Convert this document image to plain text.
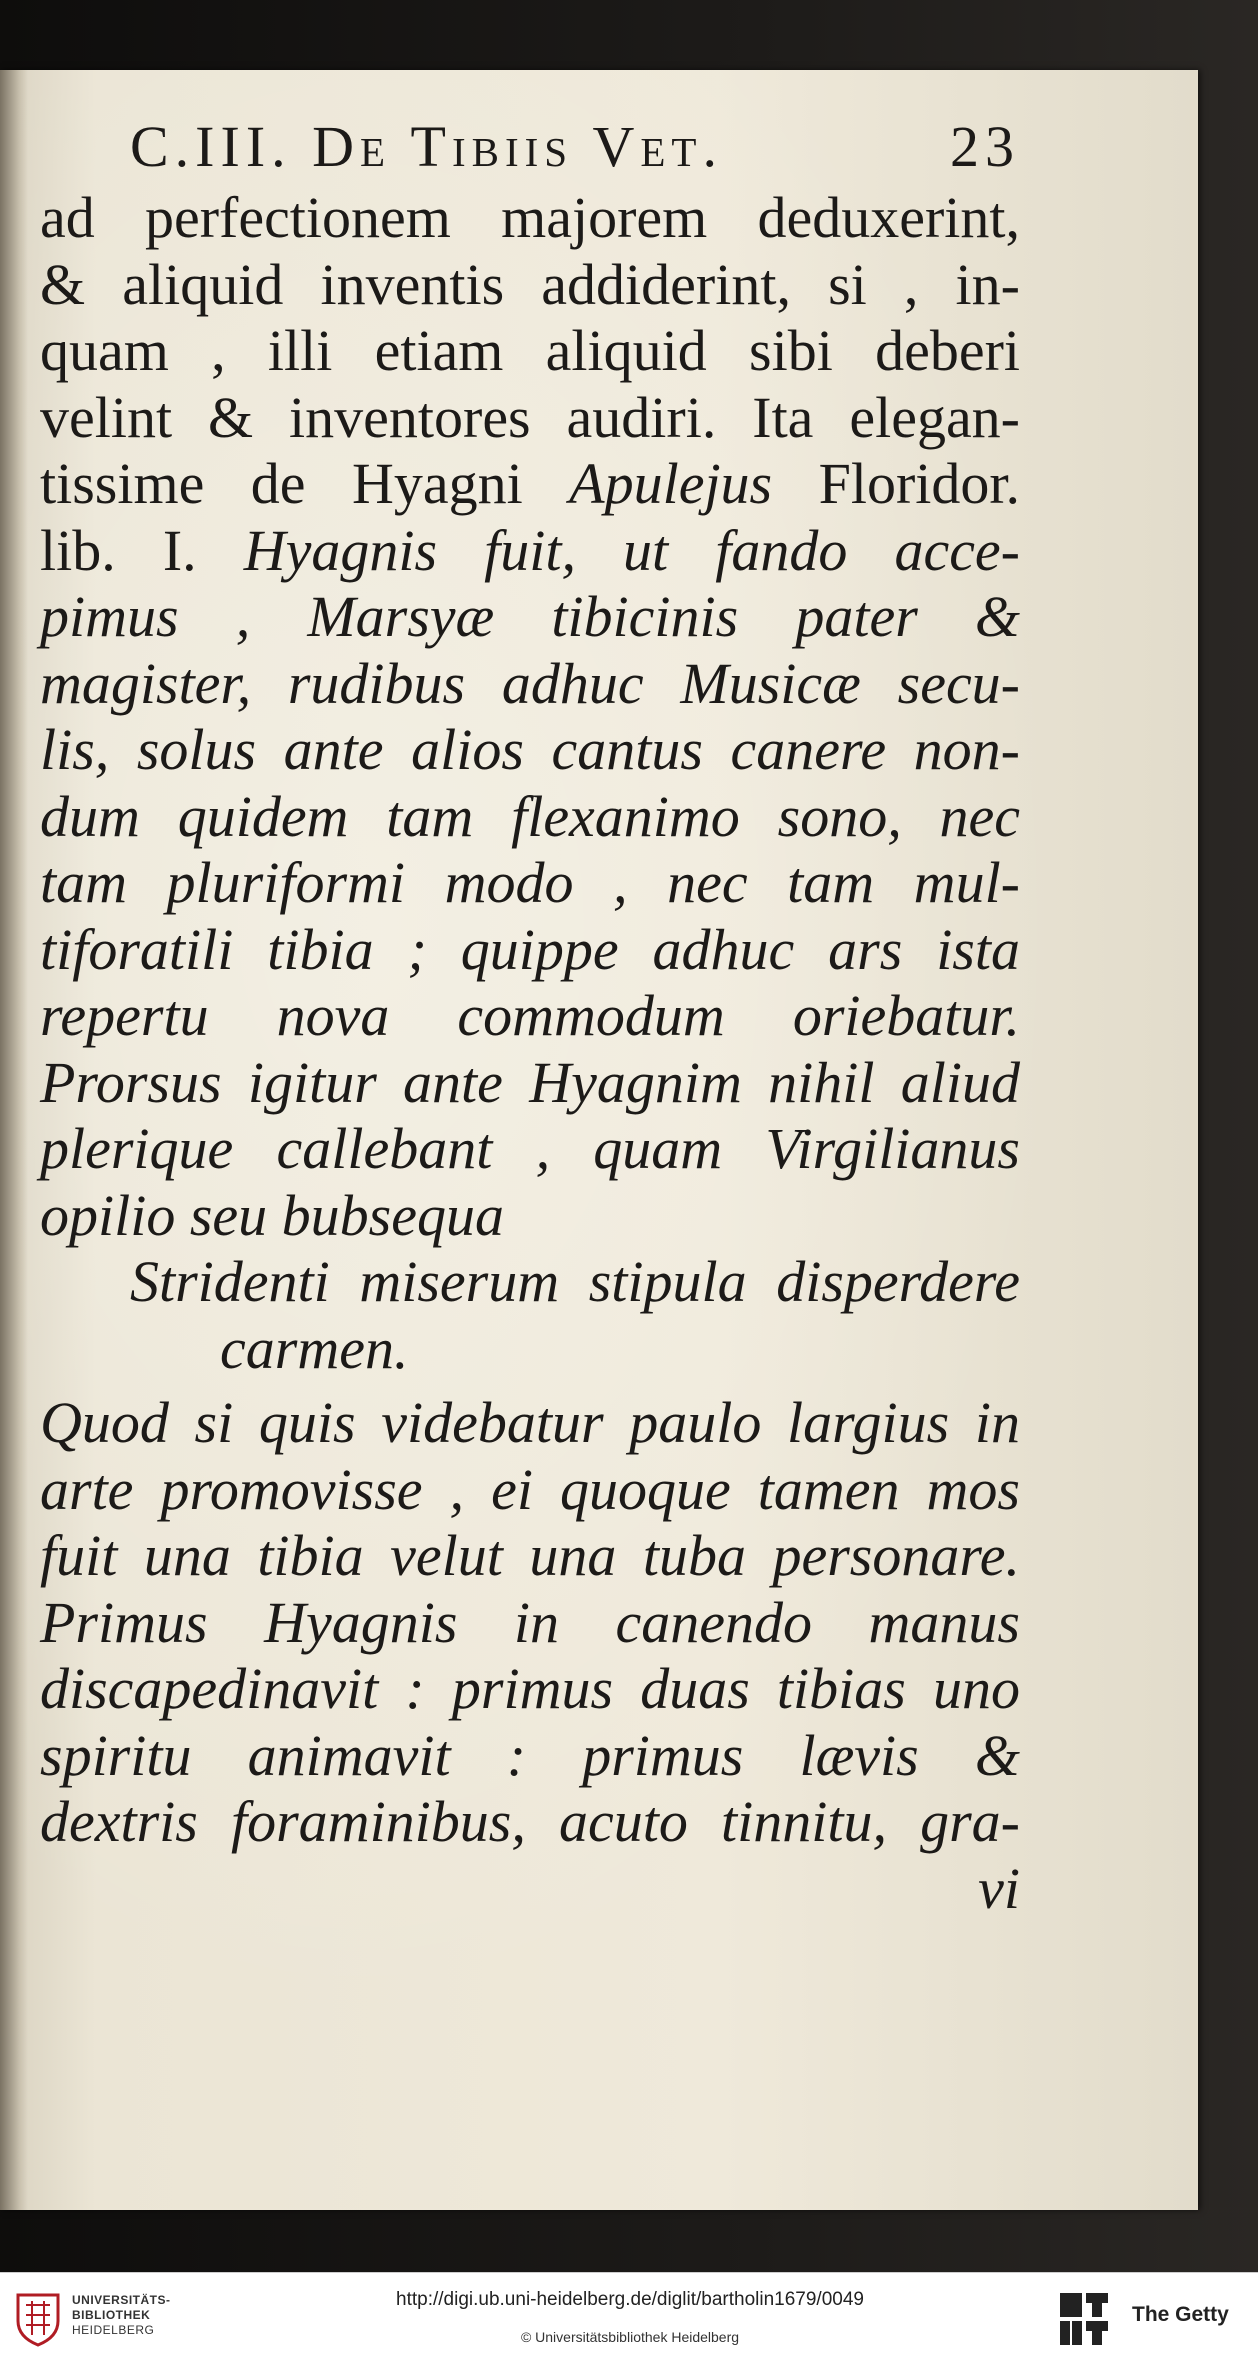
C.III. De Tibiis Vet.	23
ad perfectionem majorem deduxerint,
& aliquid inventis addiderint, si , in-
quam , illi etiam aliquid sibi deberi
velint & inventores audiri. Ita elegan-
tissime de Hyagni Apulejus Floridor.
lib. I. Hyagnis fuit, ut fando acce-
pimus , Marsyæ tibicinis pater &
magister, rudibus adhuc Musicæ secu-
lis, solus ante alios cantus canere non-
dum quidem tam flexanimo sono, nec
tam pluriformi modo , nec tam mul-
tiforatili tibia ; quippe adhuc ars ista
repertu nova commodum oriebatur.
Prorsus igitur ante Hyagnim nihil aliud
plerique callebant , quam Virgilianus
opilio seu bubsequa
Stridenti miserum stipula disperdere
carmen.
Quod si quis videbatur paulo largius in
arte promovisse , ei quoque tamen mos
fuit una tibia velut una tuba personare.
Primus Hyagnis in canendo manus
discapedinavit : primus duas tibias uno
spiritu animavit : primus lævis &
dextris foraminibus, acuto tinnitu, gra-
vi
UNIVERSITÄTS-
BIBLIOTHEK
HEIDELBERG
http://digi.ub.uni-heidelberg.de/diglit/bartholin1679/0049
© Universitätsbibliothek Heidelberg
The Getty
